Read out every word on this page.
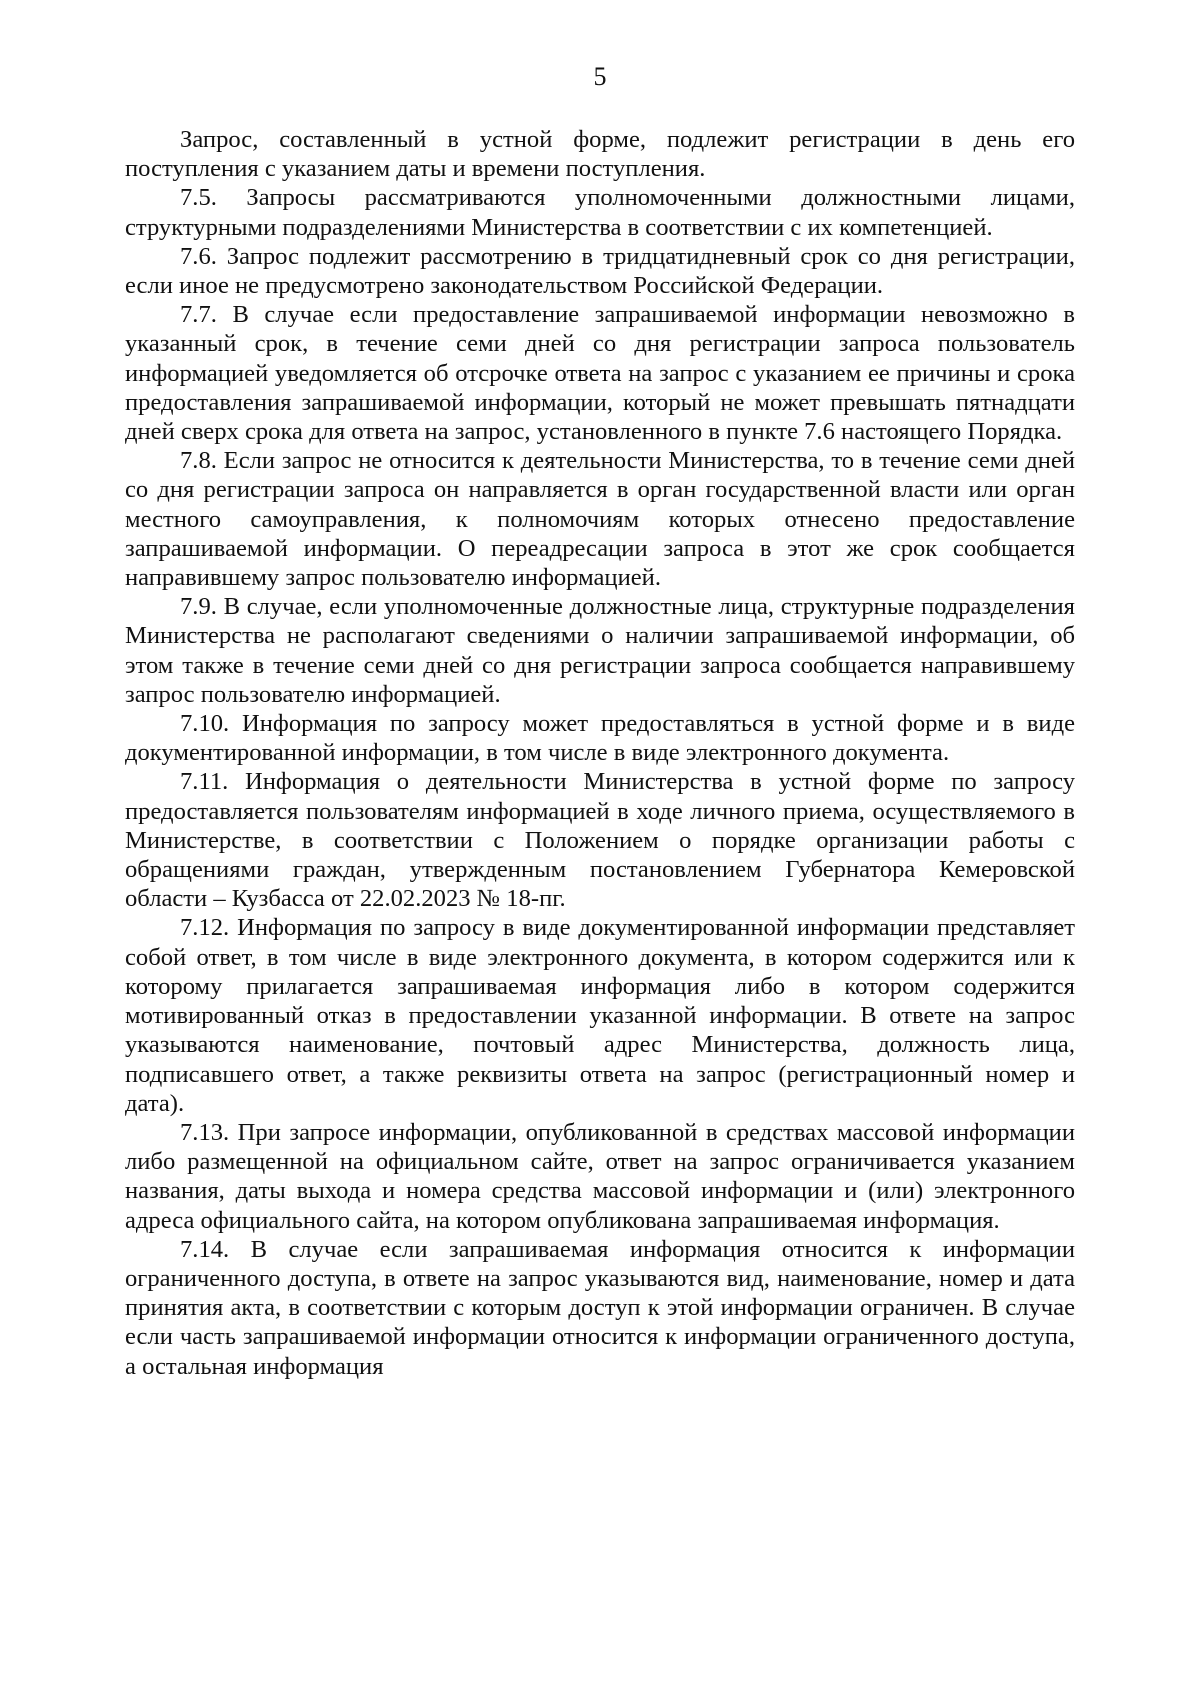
5

Запрос, составленный в устной форме, подлежит регистрации в день его поступления с указанием даты и времени поступления.

7.5. Запросы рассматриваются уполномоченными должностными лицами, структурными подразделениями Министерства в соответствии с их компетенцией.

7.6. Запрос подлежит рассмотрению в тридцатидневный срок со дня регистрации, если иное не предусмотрено законодательством Российской Федерации.

7.7. В случае если предоставление запрашиваемой информации невозможно в указанный срок, в течение семи дней со дня регистрации запроса пользователь информацией уведомляется об отсрочке ответа на запрос с указанием ее причины и срока предоставления запрашиваемой информации, который не может превышать пятнадцати дней сверх срока для ответа на запрос, установленного в пункте 7.6 настоящего Порядка.

7.8. Если запрос не относится к деятельности Министерства, то в течение семи дней со дня регистрации запроса он направляется в орган государственной власти или орган местного самоуправления, к полномочиям которых отнесено предоставление запрашиваемой информации. О переадресации запроса в этот же срок сообщается направившему запрос пользователю информацией.

7.9. В случае, если уполномоченные должностные лица, структурные подразделения Министерства не располагают сведениями о наличии запрашиваемой информации, об этом также в течение семи дней со дня регистрации запроса сообщается направившему запрос пользователю информацией.

7.10. Информация по запросу может предоставляться в устной форме и в виде документированной информации, в том числе в виде электронного документа.

7.11. Информация о деятельности Министерства в устной форме по запросу предоставляется пользователям информацией в ходе личного приема, осуществляемого в Министерстве, в соответствии с Положением о порядке организации работы с обращениями граждан, утвержденным постановлением Губернатора Кемеровской области – Кузбасса от 22.02.2023 № 18-пг.

7.12. Информация по запросу в виде документированной информации представляет собой ответ, в том числе в виде электронного документа, в котором содержится или к которому прилагается запрашиваемая информация либо в котором содержится мотивированный отказ в предоставлении указанной информации. В ответе на запрос указываются наименование, почтовый адрес Министерства, должность лица, подписавшего ответ, а также реквизиты ответа на запрос (регистрационный номер и дата).

7.13. При запросе информации, опубликованной в средствах массовой информации либо размещенной на официальном сайте, ответ на запрос ограничивается указанием названия, даты выхода и номера средства массовой информации и (или) электронного адреса официального сайта, на котором опубликована запрашиваемая информация.

7.14. В случае если запрашиваемая информация относится к информации ограниченного доступа, в ответе на запрос указываются вид, наименование, номер и дата принятия акта, в соответствии с которым доступ к этой информации ограничен. В случае если часть запрашиваемой информации относится к информации ограниченного доступа, а остальная информация
